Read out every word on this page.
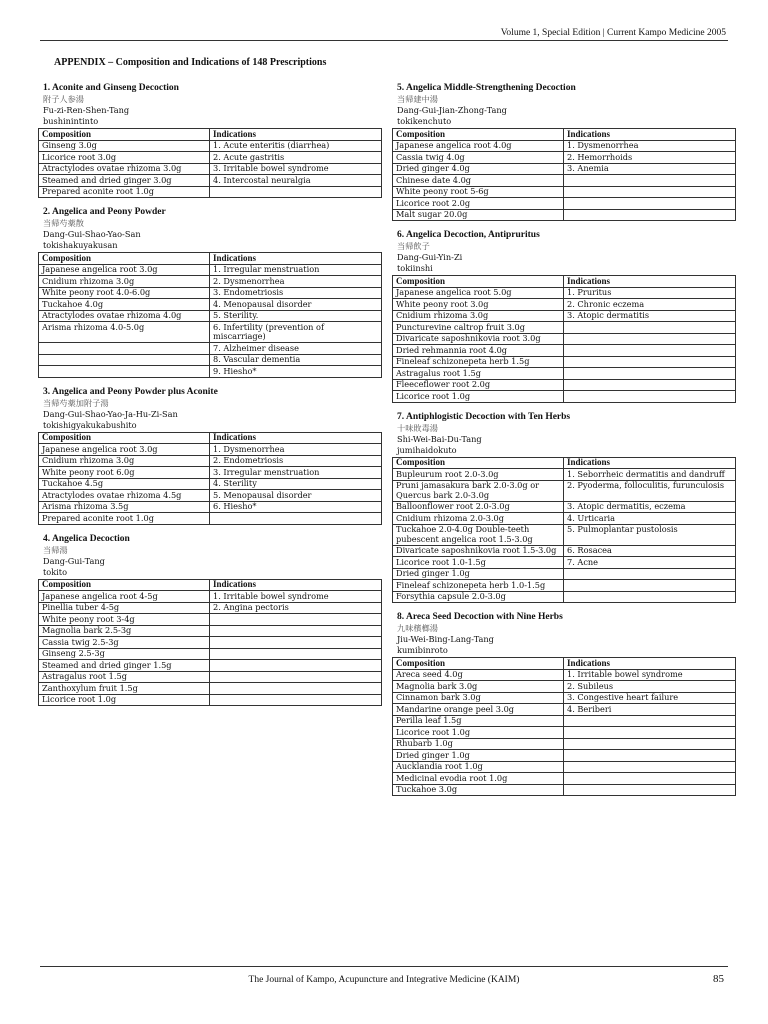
Volume 1, Special Edition | Current Kampo Medicine 2005
APPENDIX – Composition and Indications of 148 Prescriptions
1. Aconite and Ginseng Decoction
附子人参湯
Fu-zi-Ren-Shen-Tang
bushinintinto
Composition	Indications
Ginseng 3.0g	1. Acute enteritis (diarrhea)
Licorice root 3.0g	2. Acute gastritis
Atractylodes ovatae rhizoma 3.0g	3. Irritable bowel syndrome
Steamed and dried ginger 3.0g	4. Intercostal neuralgia
Prepared aconite root 1.0g	
2. Angelica and Peony Powder
当帰芍薬散
Dang-Gui-Shao-Yao-San
tokishakuyakusan
Composition	Indications
Japanese angelica root 3.0g	1. Irregular menstruation
Cnidium rhizoma 3.0g	2. Dysmenorrhea
White peony root 4.0-6.0g	3. Endometriosis
Tuckahoe 4.0g	4. Menopausal disorder
Atractylodes ovatae rhizoma 4.0g	5. Sterility.
Arisma rhizoma 4.0-5.0g	6. Infertility (prevention of miscarriage)
	7. Alzheimer disease
	8. Vascular dementia
	9. Hiesho*
3. Angelica and Peony Powder plus Aconite
当帰芍薬加附子湯
Dang-Gui-Shao-Yao-Ja-Hu-Zi-San
tokishigyakukabushito
Composition	Indications
Japanese angelica root 3.0g	1. Dysmenorrhea
Cnidium rhizoma 3.0g	2. Endometriosis
White peony root 6.0g	3. Irregular menstruation
Tuckahoe 4.5g	4. Sterility
Atractylodes ovatae rhizoma 4.5g	5. Menopausal disorder
Arisma rhizoma 3.5g	6. Hiesho*
Prepared aconite root 1.0g	
4. Angelica Decoction
当帰湯
Dang-Gui-Tang
tokito
Composition	Indications
Japanese angelica root 4-5g	1. Irritable bowel syndrome
Pinellia tuber 4-5g	2. Angina pectoris
White peony root 3-4g	
Magnolia bark 2.5-3g	
Cassia twig 2.5-3g	
Ginseng 2.5-3g	
Steamed and dried ginger 1.5g	
Astragalus root 1.5g	
Zanthoxylum fruit 1.5g	
Licorice root 1.0g	
5. Angelica Middle-Strengthening Decoction
当帰建中湯
Dang-Gui-Jian-Zhong-Tang
tokikenchuto
Composition	Indications
Japanese angelica root 4.0g	1. Dysmenorrhea
Cassia twig 4.0g	2. Hemorrhoids
Dried ginger 4.0g	3. Anemia
Chinese date 4.0g	
White peony root 5-6g	
Licorice root 2.0g	
Malt sugar 20.0g	
6. Angelica Decoction, Antipruritus
当帰飲子
Dang-Gui-Yin-Zi
tokiinshi
Composition	Indications
Japanese angelica root 5.0g	1. Pruritus
White peony root 3.0g	2. Chronic eczema
Cnidium rhizoma 3.0g	3. Atopic dermatitis
Puncturevine caltrop fruit 3.0g	
Divaricate saposhnikovia root 3.0g	
Dried rehmannia root 4.0g	
Fineleaf schizonepeta herb 1.5g	
Astragalus root 1.5g	
Fleeceflower root 2.0g	
Licorice root 1.0g	
7. Antiphlogistic Decoction with Ten Herbs
十味敗毒湯
Shi-Wei-Bai-Du-Tang
jumihaidokuto
Composition	Indications
Bupleurum root 2.0-3.0g	1. Seborrheic dermatitis and dandruff
Pruni jamasakura bark 2.0-3.0g or Quercus bark 2.0-3.0g	2. Pyoderma, folloculitis, furunculosis
Balloonflower root 2.0-3.0g	3. Atopic dermatitis, eczema
Cnidium rhizoma 2.0-3.0g	4. Urticaria
Tuckahoe 2.0-4.0g Double-teeth pubescent angelica root 1.5-3.0g	5. Pulmoplantar pustolosis
Divaricate saposhnikovia root 1.5-3.0g	6. Rosacea
Licorice root 1.0-1.5g	7. Acne
Dried ginger 1.0g	
Fineleaf schizonepeta herb 1.0-1.5g	
Forsythia capsule 2.0-3.0g	
8. Areca Seed Decoction with Nine Herbs
九味檳榔湯
Jiu-Wei-Bing-Lang-Tang
kumibinroto
Composition	Indications
Areca seed 4.0g	1. Irritable bowel syndrome
Magnolia bark 3.0g	2. Subileus
Cinnamon bark 3.0g	3. Congestive heart failure
Mandarine orange peel 3.0g	4. Beriberi
Perilla leaf 1.5g	
Licorice root 1.0g	
Rhubarb 1.0g	
Dried ginger 1.0g	
Aucklandia root 1.0g	
Medicinal evodia root 1.0g	
Tuckahoe 3.0g	
The Journal of Kampo, Acupuncture and Integrative Medicine (KAIM)	85
